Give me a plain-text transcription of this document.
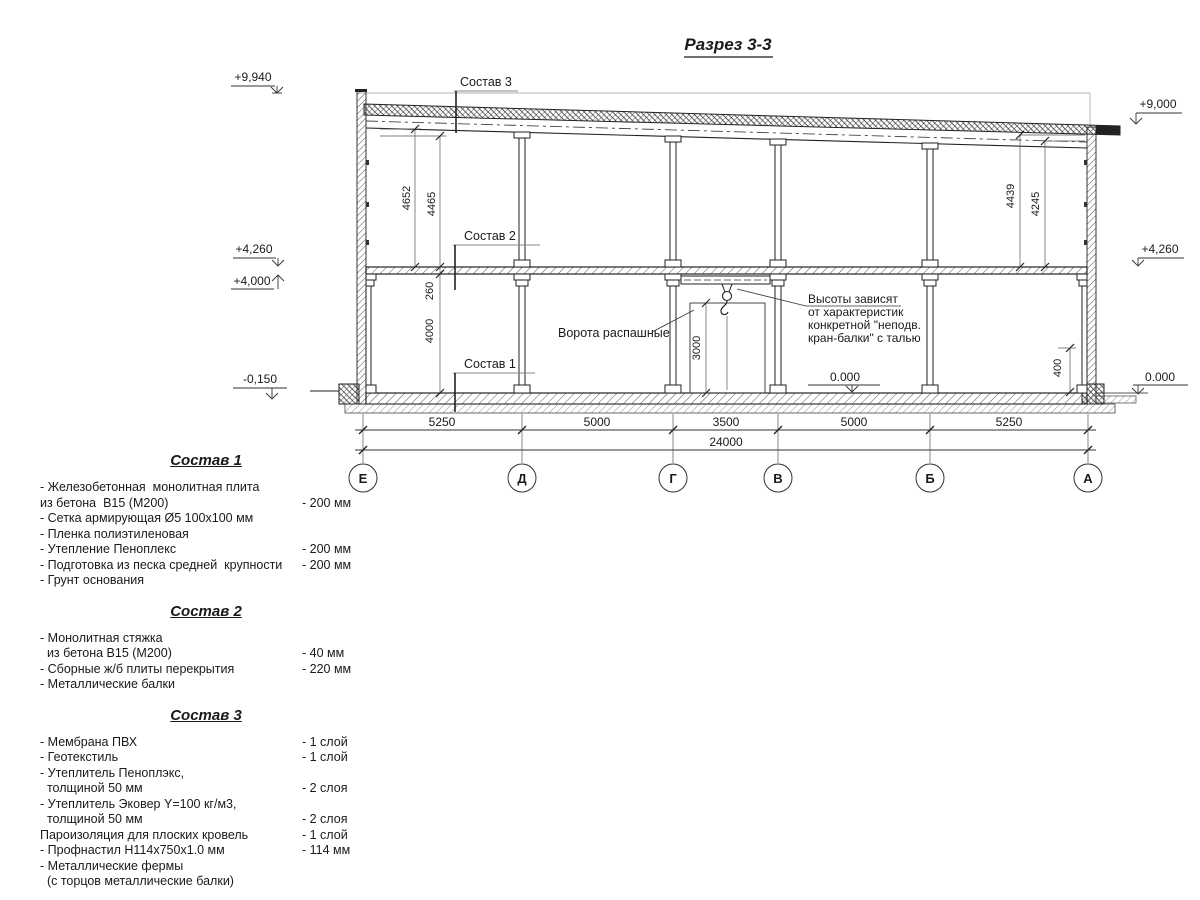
Разрез 3-3
3000
Ворота распашные
Высоты зависят
от характеристик
конкретной "неподв.
кран-балки" с талью
Состав 3
Состав 2
Состав 1
+9,940
+4,260
+4,000
-0,150
+9,000
+4,260
0.000
0.000
4652 4465	4439 4245
260
4000
400
5250	5000	3500	5000	5250
24000
Е	Д	Г	В	Б	А
Состав 1
- Железобетонная  монолитная плита
из бетона  В15 (М200)	- 200 мм
- Сетка армирующая Ø5 100х100 мм
- Пленка полиэтиленовая
- Утепление Пеноплекс	- 200 мм
- Подготовка из песка средней  крупности	- 200 мм
- Грунт основания
Состав 2
- Монолитная стяжка
из бетона В15 (М200)	- 40 мм
- Сборные ж/б плиты перекрытия	- 220 мм
- Металлические балки
Состав 3
- Мембрана ПВХ	- 1 слой
- Геотекстиль	- 1 слой
- Утеплитель Пеноплэкс,
толщиной 50 мм	- 2 слоя
- Утеплитель Эковер Y=100 кг/м3,
толщиной 50 мм	- 2 слоя
Пароизоляция для плоских кровель	- 1 слой
- Профнастил Н114х750х1.0 мм	- 114 мм
- Металлические фермы
(с торцов металлические балки)
